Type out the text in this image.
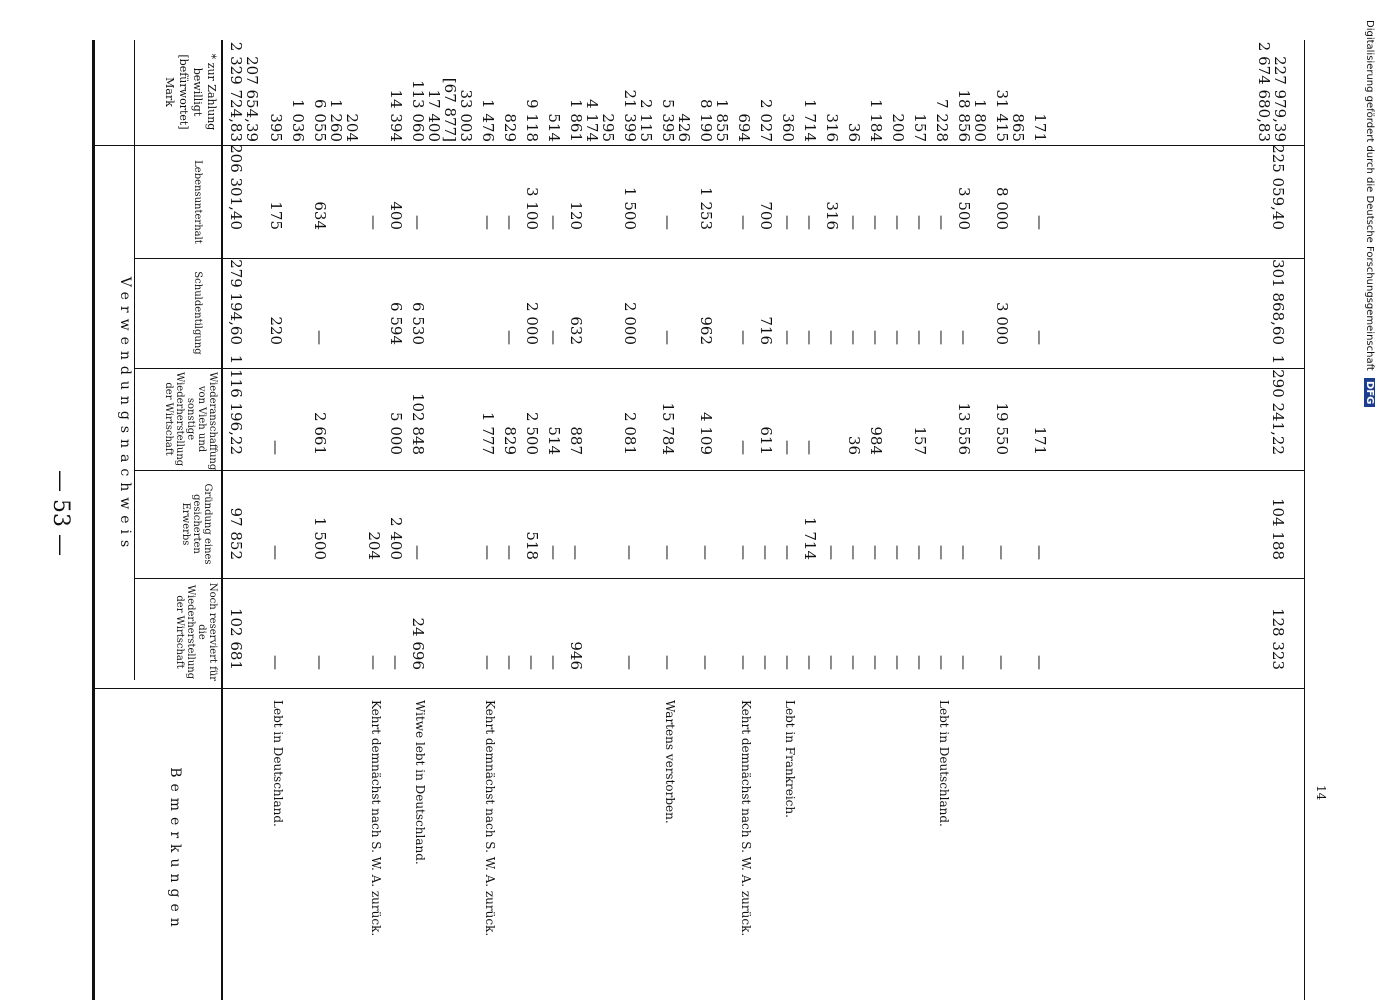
— 53 —
* zur Zahlung
bewilligt
[befürwortet]
Mark
Verwendungsnachweis
Lebensunterhalt
Schuldentilgung
Wiederanschaffung von Vieh und sonstige Wiederherstellung der Wirtschaft
Gründung eines gesicherten Erwerbs
Noch reserviert für die Wiederherstellung der Wirtschaft
Bemerkungen
2 329 724,83
207 654,39
206 301,40
279 194,60
1 116 196,22
97 852
102 681
395
175
220
—
—
—
Lebt in Deutschland.
1 036 6 055
1 260
204
634
—
2 661
1 500
—
—
204
—
Kehrt demnächst nach S. W. A. zurück.
14 394
400
6 594
5 000
2 400
—
113 060
17 400
[67 877]
33 003
—
6 530
102 848
—
24 696
Witwe lebt in Deutschland.
1 476
—
1 777
—
—
Kehrt demnächst nach S. W. A. zurück.
829
—
—
829
—
—
9 118
3 100
2 000
2 500
518
—
514
—
—
514
—
—
1 861
4 174
295
120
632
887
—
946
21 399
2 115
1 500
2 000
2 081
—
—
5 395
426
—
—
15 784
—
—
Wartens verstorben.
8 190
1 855
1 253
962
4 109
—
—
694
—
—
—
—
—
Kehrt demnächst nach S. W. A. zurück.
2 027
700
716
611
—
—
360
—
—
—
—
—
Lebt in Frankreich.
1 714
—
—
—
1 714
—
316
316
—
—
—
36
—
—
36
—
—
1 184
—
—
984
—
—
200
—
—
—
—
157
—
—
157
—
—
7 228
—
—
—
—
Lebt in Deutschland.
18 856
1 800
3 500
—
13 556
—
—
31 415
865
8 000
3 000
19 550
—
—
171
—
—
171
—
—
2 674 680,83
227 979,39
225 059,40
301 868,60
1 290 241,22
104 188
128 323
Digitalisierung gefördert durch die Deutsche Forschungsgemeinschaft DFG
14
